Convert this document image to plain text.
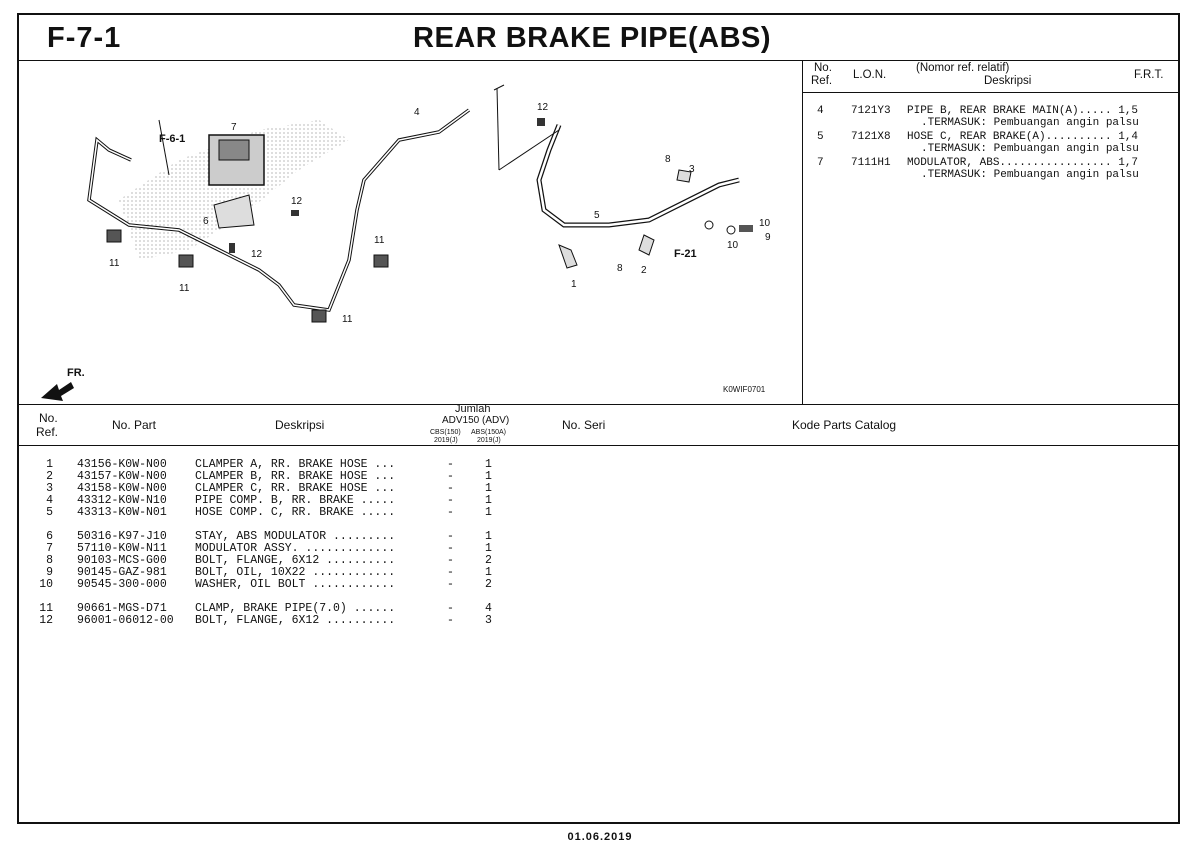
F-7-1	REAR BRAKE PIPE(ABS)
7
4	12
12
6
12
11
11
11
11
F-6-1
3
8
5
10
9
10
1
8 2
F-21
FR.
K0WIF0701
No.
Ref. L.O.N.
(Nomor ref. relatif)
Deskripsi	F.R.T.
4 7121Y3 PIPE B, REAR BRAKE MAIN(A)..... 1,5
.TERMASUK: Pembuangan angin palsu
5 7121X8 HOSE C, REAR BRAKE(A).......... 1,4
.TERMASUK: Pembuangan angin palsu
7 7111H1 MODULATOR, ABS................. 1,7
.TERMASUK: Pembuangan angin palsu
No.
Ref.	No. Part	Deskripsi
Jumlah
ADV150 (ADV)
CBS(150) ABS(150A)
2019(J)	2019(J)
No. Seri	Kode Parts Catalog
1 43156-K0W-N00 CLAMPER A, RR. BRAKE HOSE ...	-	1
2 43157-K0W-N00 CLAMPER B, RR. BRAKE HOSE ...	-	1
3 43158-K0W-N00 CLAMPER C, RR. BRAKE HOSE ...	-	1
4 43312-K0W-N10 PIPE COMP. B, RR. BRAKE .....	-	1
5 43313-K0W-N01 HOSE COMP. C, RR. BRAKE .....	-	1
6 50316-K97-J10 STAY, ABS MODULATOR .........	-	1
7 57110-K0W-N11 MODULATOR ASSY. .............	-	1
8 90103-MCS-G00 BOLT, FLANGE, 6X12 ..........	-	2
9 90145-GAZ-981 BOLT, OIL, 10X22 ............	-	1
10 90545-300-000 WASHER, OIL BOLT ............	-	2
11 90661-MGS-D71 CLAMP, BRAKE PIPE(7.0) ......	-	4
12 96001-06012-00 BOLT, FLANGE, 6X12 ..........	-	3
01.06.2019
